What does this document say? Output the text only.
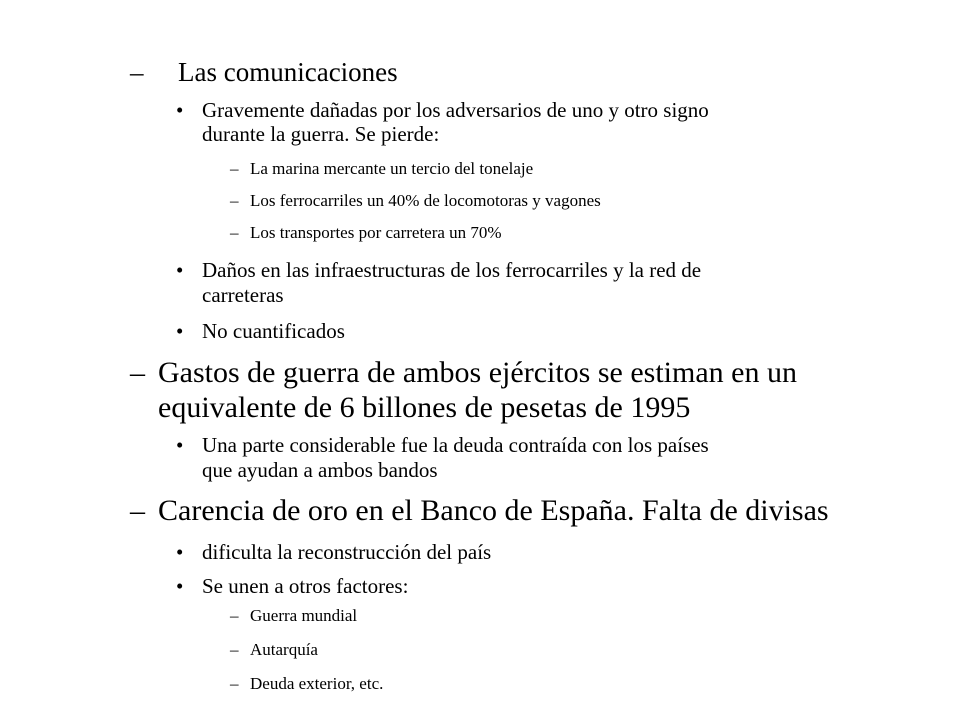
– Las comunicaciones
• Gravemente dañadas por los adversarios de uno y otro signo
durante la guerra. Se pierde:
– La marina mercante un tercio del tonelaje
– Los ferrocarriles un 40% de locomotoras y vagones
– Los transportes por carretera un 70%
• Daños en las infraestructuras de los ferrocarriles y la red de
carreteras
• No cuantificados
– Gastos de guerra de ambos ejércitos se estiman en un
equivalente de 6 billones de pesetas de 1995
• Una parte considerable fue la deuda contraída con los países
que ayudan a ambos bandos
– Carencia de oro en el Banco de España. Falta de divisas
• dificulta la reconstrucción del país
• Se unen a otros factores:
– Guerra mundial
– Autarquía
– Deuda exterior, etc.
